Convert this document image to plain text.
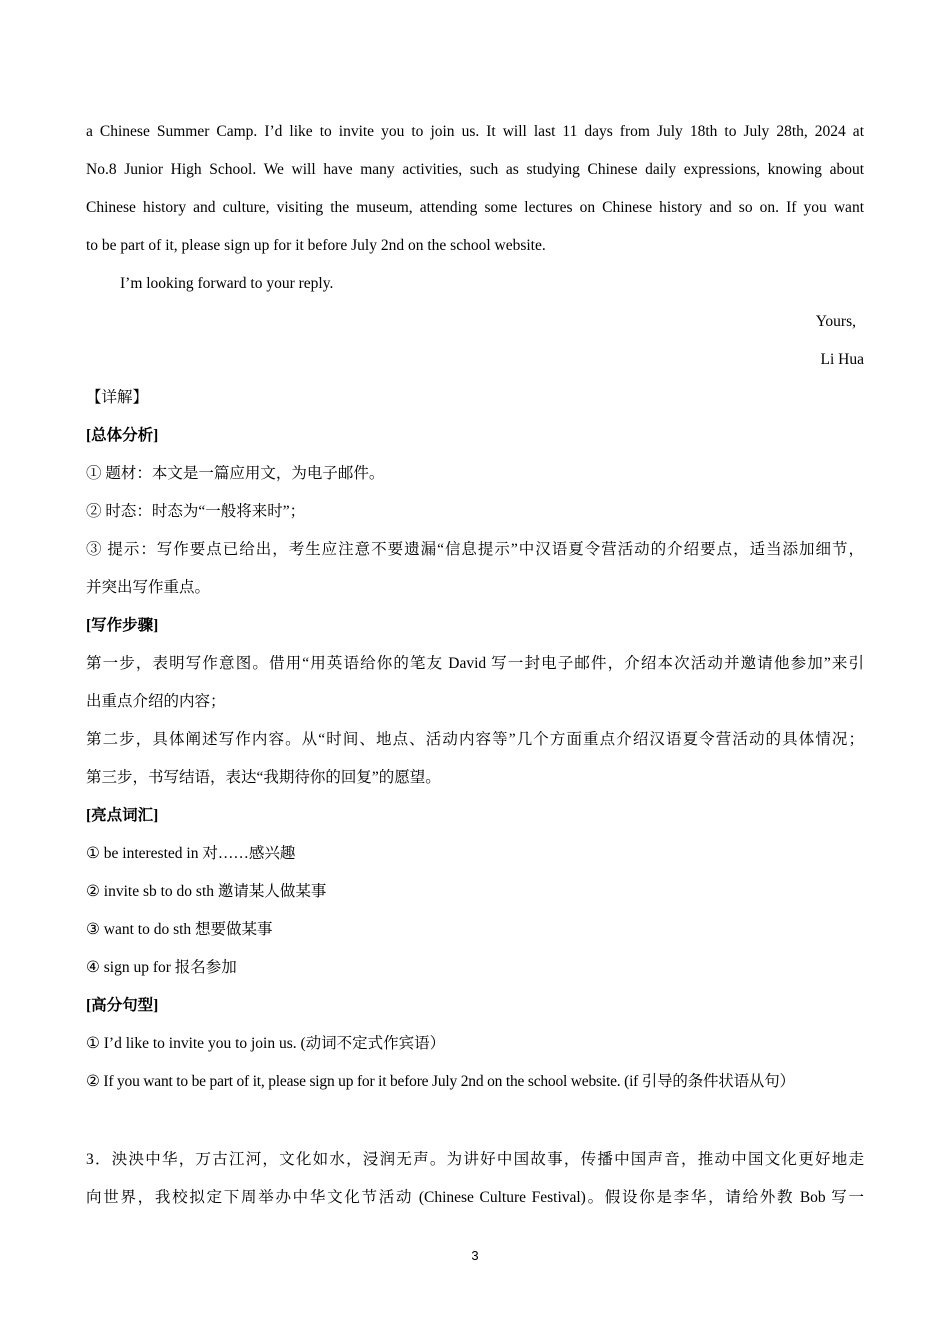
a Chinese Summer Camp. I’d like to invite you to join us. It will last 11 days from July 18th to July 28th, 2024 at
No.8 Junior High School. We will have many activities, such as studying Chinese daily expressions, knowing about
Chinese history and culture, visiting the museum, attending some lectures on Chinese history and so on. If you want
to be part of it, please sign up for it before July 2nd on the school website.
I’m looking forward to your reply.
Yours,
Li Hua
【详解】
[总体分析]
① 题材：本文是一篇应用文，为电子邮件。
② 时态：时态为“一般将来时”；
③ 提示：写作要点已给出，考生应注意不要遗漏“信息提示”中汉语夏令营活动的介绍要点，适当添加细节，
并突出写作重点。
[写作步骤]
第一步，表明写作意图。借用“用英语给你的笔友 David 写一封电子邮件，介绍本次活动并邀请他参加”来引
出重点介绍的内容；
第二步，具体阐述写作内容。从“时间、地点、活动内容等”几个方面重点介绍汉语夏令营活动的具体情况；
第三步，书写结语，表达“我期待你的回复”的愿望。
[亮点词汇]
① be interested in 对……感兴趣
② invite sb to do sth 邀请某人做某事
③ want to do sth 想要做某事
④ sign up for 报名参加
[高分句型]
① I’d like to invite you to join us. (动词不定式作宾语）
② If you want to be part of it, please sign up for it before July 2nd on the school website. (if 引导的条件状语从句）
3．泱泱中华，万古江河，文化如水，浸润无声。为讲好中国故事，传播中国声音，推动中国文化更好地走
向世界，我校拟定下周举办中华文化节活动 (Chinese Culture Festival)。假设你是李华，请给外教 Bob 写一
3
